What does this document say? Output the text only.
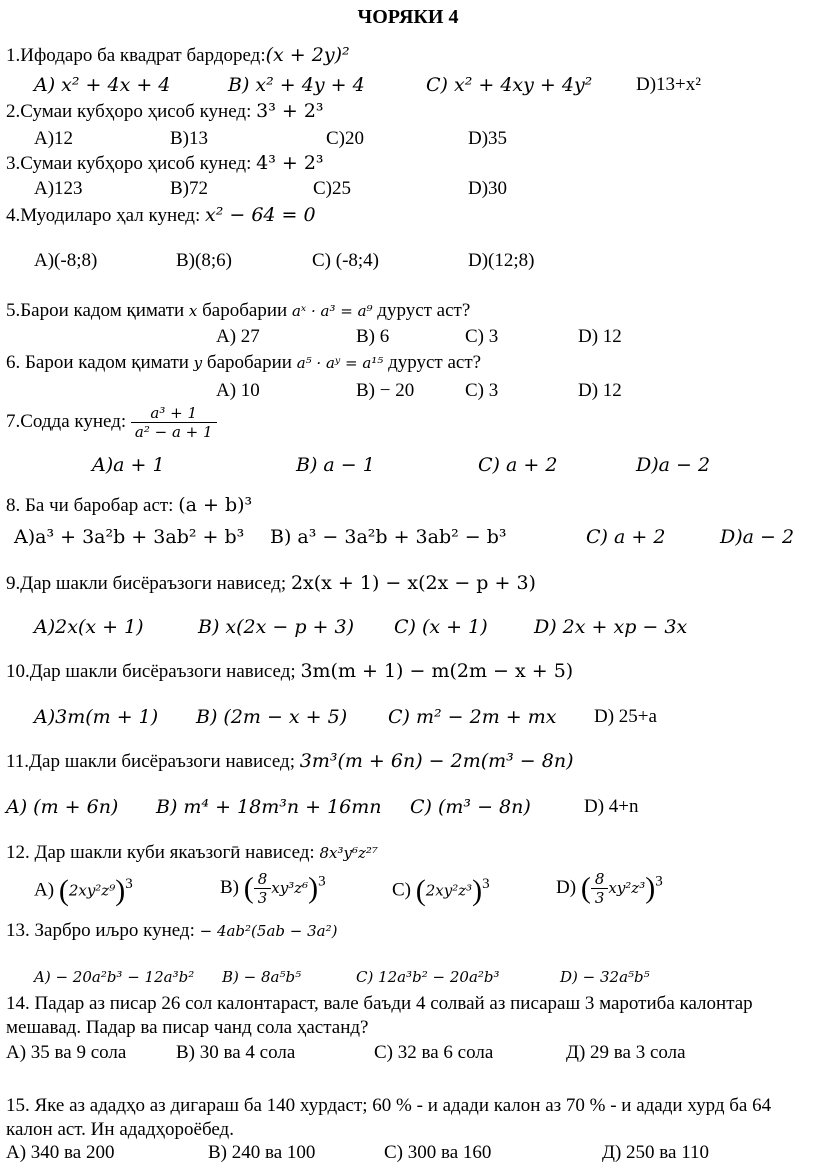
ЧОРЯКИ 4
1.Ифодаро ба квадрат бардоред:(x + 2y)²
A) x² + 4x + 4	B) x² + 4y + 4	C) x² + 4xy + 4y² D)13+x²
2.Сумаи кубҳоро ҳисоб кунед: 3³ + 2³
A)12	B)13	C)20	D)35
3.Сумаи кубҳоро ҳисоб кунед: 4³ + 2³
A)123	B)72	C)25	D)30
4.Муодиларо ҳал кунед: x² − 64 = 0
A)(-8;8)	B)(8;6)	C) (-8;4)	D)(12;8)
5.Барои кадом қимати x баробарии aˣ · a³ = a⁹ дуруст аст?
A) 27	B) 6	C) 3	D) 12
6. Барои кадом қимати y баробарии a⁵ · aʸ = a¹⁵ дуруст аст?
A) 10	B) − 20	C) 3	D) 12
7.Содда кунед: $\frac{\text{a³ + 1}}{\text{a² − a + 1}}$
A)a + 1	B) a − 1	C) a + 2	D)a − 2
8. Ба чи баробар аст: (a + b)³
A)a³ + 3a²b + 3ab² + b³ B) a³ − 3a²b + 3ab² − b³	C) a + 2	D)a − 2
9.Дар шакли бисёраъзоги нависед; 2x(x + 1) − x(2x − p + 3)
A)2x(x + 1)	B) x(2x − p + 3) C) (x + 1) D) 2x + xp − 3x
10.Дар шакли бисёраъзоги нависед; 3m(m + 1) − m(2m − x + 5)
A)3m(m + 1) B) (2m − x + 5) C) m² − 2m + mx D) 25+a
11.Дар шакли бисёраъзоги нависед; 3m³(m + 6n) − 2m(m³ − 8n)
A) (m + 6n) B) m⁴ + 18m³n + 16mn C) (m³ − 8n)	D) 4+n
12. Дар шакли куби якаъзогӣ нависед: 8x³y⁶z²⁷
A) $(2xy^2z^9)^3$	B) ( $\frac{8}{3} xy^3z^6)^3$	C) $(2xy^2z^3)^3$	D) ( $\frac{8}{3} xy^2z^3)^3$
13. Зарбро иљро кунед: − 4ab²(5ab − 3a²)
A) − 20a²b³ − 12a³b² B) − 8a⁵b⁵	C) 12a³b² − 20a²b³	D) − 32a⁵b⁵
14. Падар аз писар 26 сол калонтараст, вале баъди 4 солвай аз писараш 3 маротиба калонтар мешавад. Падар ва писар чанд сола ҳастанд?
A) 35 ва 9 сола	B) 30 ва 4 сола	C) 32 ва 6 сола	Д) 29 ва 3 сола
15. Яке аз ададҳо аз дигараш ба 140 хурдаст; 60 % - и адади калон аз 70 % - и адади хурд ба 64 калон аст. Ин ададҳороёбед.
A) 340 ва 200	B) 240 ва 100	C) 300 ва 160	Д) 250 ва 110
